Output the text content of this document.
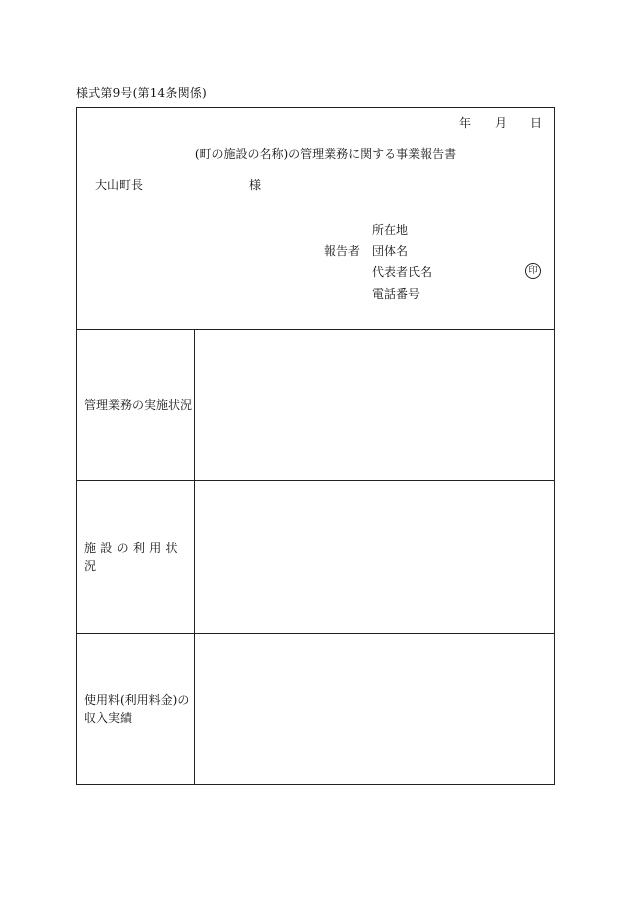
様式第9号(第14条関係)
年 月 日
(町の施設の名称)の管理業務に関する事業報告書
大山町長	様
報告者
所在地
団体名
代表者氏名
電話番号
印
管理業務の実施状況
施設の利用状況
使用料(利用料金)の
収入実績
